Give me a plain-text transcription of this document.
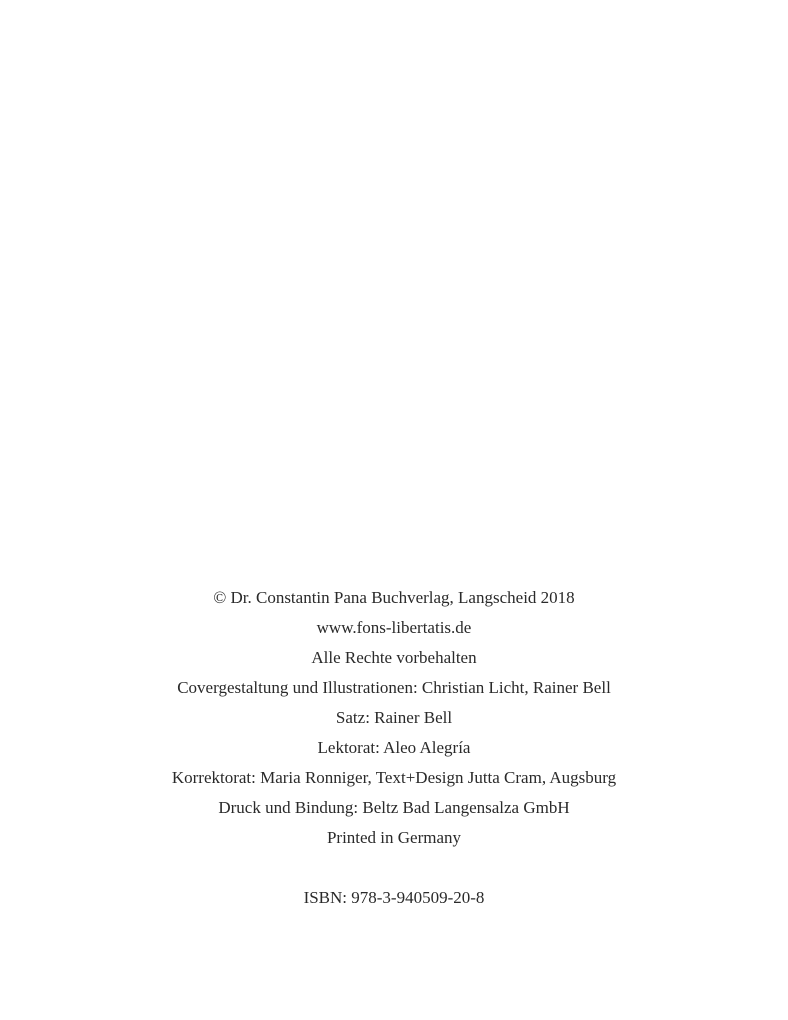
© Dr. Constantin Pana Buchverlag, Langscheid 2018
www.fons-libertatis.de
Alle Rechte vorbehalten
Covergestaltung und Illustrationen: Christian Licht, Rainer Bell
Satz: Rainer Bell
Lektorat: Aleo Alegría
Korrektorat: Maria Ronniger, Text+Design Jutta Cram, Augsburg
Druck und Bindung: Beltz Bad Langensalza GmbH
Printed in Germany
ISBN: 978-3-940509-20-8
